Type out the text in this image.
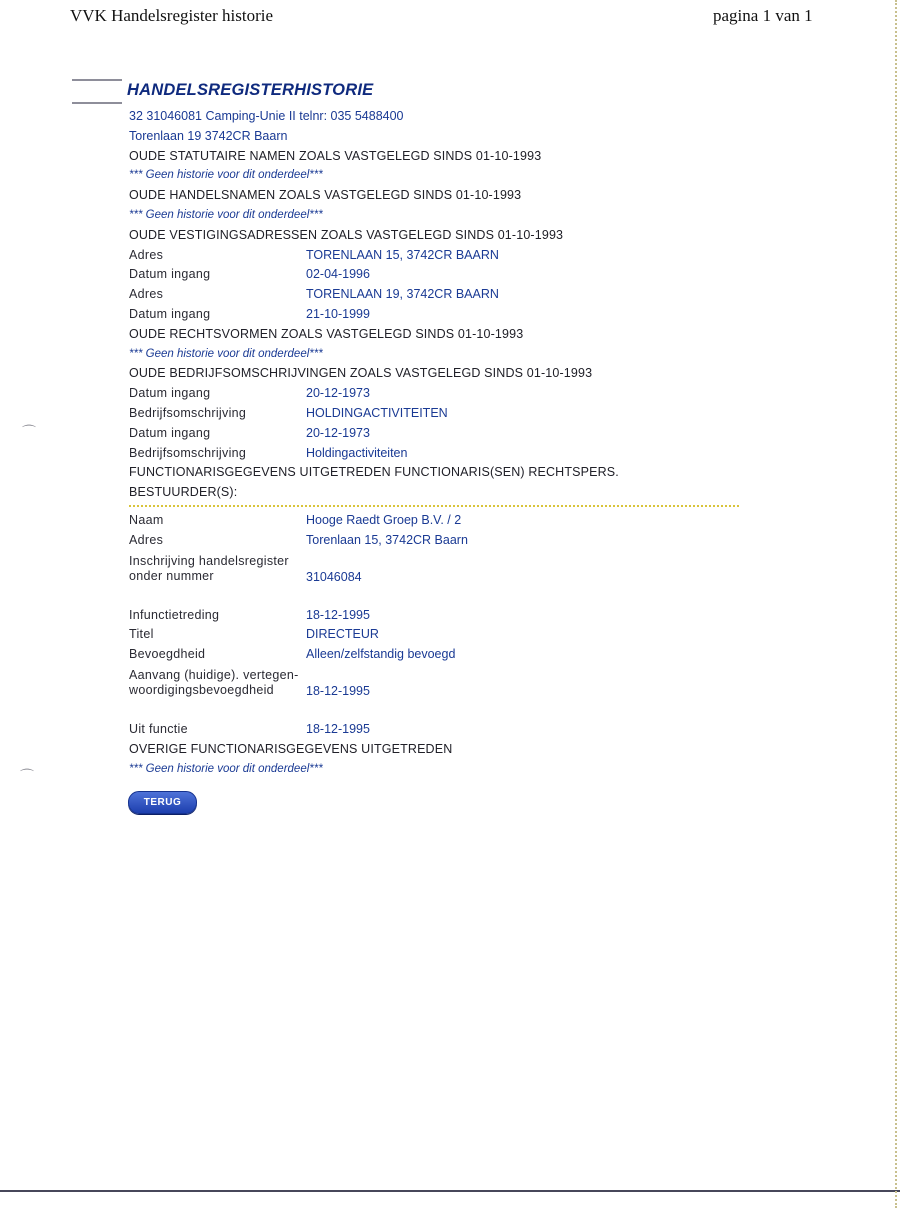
VVK Handelsregister historie	pagina 1 van 1
HANDELSREGISTERHISTORIE
32 31046081 Camping-Unie II telnr: 035 5488400
Torenlaan 19 3742CR Baarn
OUDE STATUTAIRE NAMEN ZOALS VASTGELEGD SINDS 01-10-1993
*** Geen historie voor dit onderdeel***
OUDE HANDELSNAMEN ZOALS VASTGELEGD SINDS 01-10-1993
*** Geen historie voor dit onderdeel***
OUDE VESTIGINGSADRESSEN ZOALS VASTGELEGD SINDS 01-10-1993
Adres	TORENLAAN 15, 3742CR BAARN
Datum ingang	02-04-1996
Adres	TORENLAAN 19, 3742CR BAARN
Datum ingang	21-10-1999
OUDE RECHTSVORMEN ZOALS VASTGELEGD SINDS 01-10-1993
*** Geen historie voor dit onderdeel***
OUDE BEDRIJFSOMSCHRIJVINGEN ZOALS VASTGELEGD SINDS 01-10-1993
Datum ingang	20-12-1973
Bedrijfsomschrijving	HOLDINGACTIVITEITEN
Datum ingang	20-12-1973
Bedrijfsomschrijving	Holdingactiviteiten
FUNCTIONARISGEGEVENS UITGETREDEN FUNCTIONARIS(SEN) RECHTSPERS.
BESTUURDER(S):
Naam	Hooge Raedt Groep B.V. / 2
Adres	Torenlaan 15, 3742CR Baarn
Inschrijving handelsregister onder nummer	31046084
Infunctietreding	18-12-1995
Titel	DIRECTEUR
Bevoegdheid	Alleen/zelfstandig bevoegd
Aanvang (huidige). vertegen- woordigingsbevoegdheid	18-12-1995
Uit functie	18-12-1995
OVERIGE FUNCTIONARISGEGEVENS UITGETREDEN
*** Geen historie voor dit onderdeel***
TERUG
⌒
⌒
